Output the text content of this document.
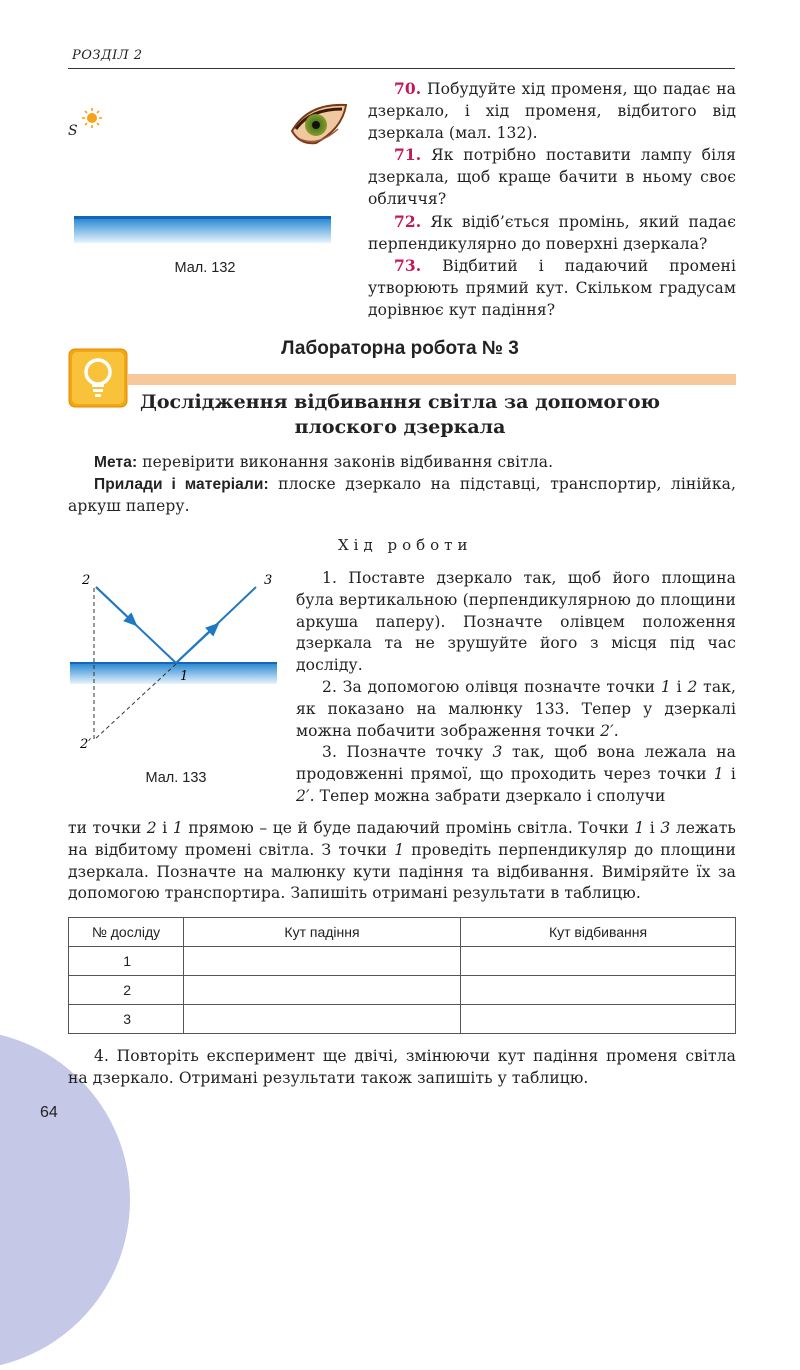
РОЗДІЛ 2
S
Мал. 132

70. Побудуйте хід променя, що падає на дзеркало, і хід променя, відбитого від дзеркала (мал. 132).

71. Як потрібно поставити лампу біля дзеркала, щоб краще бачити в ньому своє обличчя?

72. Як відіб’ється промінь, який падає перпендикулярно до поверхні дзеркала?

73. Відбитий і падаючий промені утворюють прямий кут. Скільком градусам дорівнює кут падіння?

Лабораторна робота № 3
Дослідження відбивання світла за допомогою
плоского дзеркала

Мета: перевірити виконання законів відбивання світла.

Прилади і матеріали: плоске дзеркало на підставці, транспортир, лінійка, аркуш паперу.

Хід роботи
2	3
1
2′
Мал. 133

1. Поставте дзеркало так, щоб його площина була вертикальною (перпендикулярною до площини аркуша паперу). Позначте олівцем положення дзеркала та не зрушуйте його з місця під час досліду.

2. За допомогою олівця позначте точки 1 і 2 так, як показано на малюнку 133. Тепер у дзеркалі можна побачити зображення точки 2′.

3. Позначте точку 3 так, щоб вона лежала на продовженні прямої, що проходить через точки 1 і 2′. Тепер можна забрати дзеркало і сполучи

ти точки 2 і 1 прямою – це й буде падаючий промінь світла. Точки 1 і 3 лежать на відбитому промені світла. З точки 1 проведіть перпендикуляр до площини дзеркала. Позначте на малюнку кути падіння та відбивання. Виміряйте їх за допомогою транспортира. Запишіть отримані результати в таблицю.

№ досліду	Кут падіння	Кут відбивання
1		
2		
3		

4. Повторіть експеримент ще двічі, змінюючи кут падіння променя світла на дзеркало. Отримані результати також запишіть у таблицю.

64
